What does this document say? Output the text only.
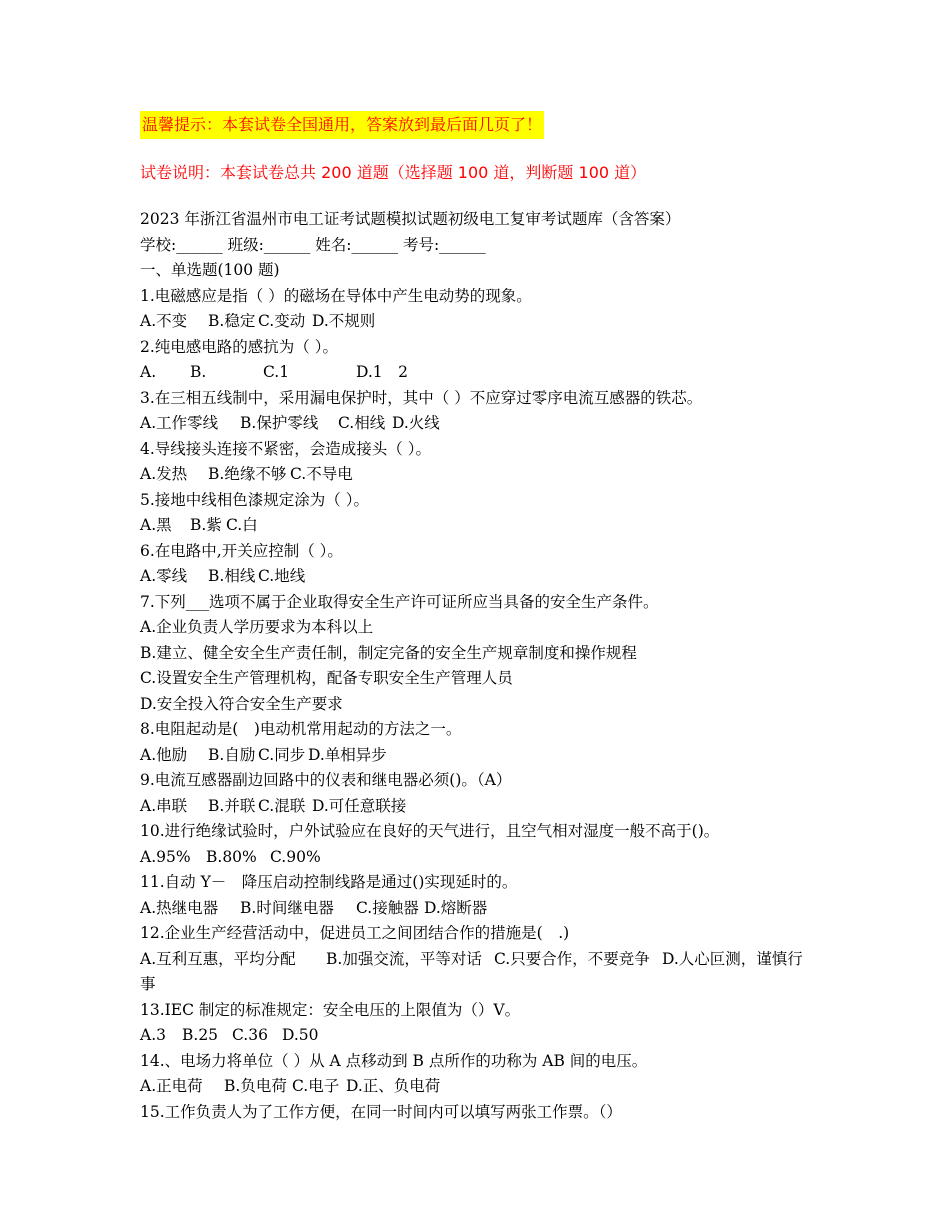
温馨提示：本套试卷全国通用，答案放到最后面几页了！
试卷说明：本套试卷总共 200 道题（选择题 100 道，判断题 100 道）
2023 年浙江省温州市电工证考试题模拟试题初级电工复审考试题库（含答案）
学校:______ 班级:______ 姓名:______ 考号:______
一、单选题(100 题)
1.电磁感应是指（ ）的磁场在导体中产生电动势的现象。
A.不变	B.稳定 C.变动 D.不规则
2.纯电感电路的感抗为（ ）。
A.	B.	C.1	D.1　2
3.在三相五线制中，采用漏电保护时，其中（ ）不应穿过零序电流互感器的铁芯。
A.工作零线	B.保护零线	C.相线 D.火线
4.导线接头连接不紧密，会造成接头（ ）。
A.发热	B.绝缘不够 C.不导电
5.接地中线相色漆规定涂为（ ）。
A.黑	B.紫 C.白
6.在电路中,开关应控制（ ）。
A.零线	B.相线 C.地线
7.下列___选项不属于企业取得安全生产许可证所应当具备的安全生产条件。
A.企业负责人学历要求为本科以上
B.建立、健全安全生产责任制，制定完备的安全生产规章制度和操作规程
C.设置安全生产管理机构，配备专职安全生产管理人员
D.安全投入符合安全生产要求
8.电阻起动是(　)电动机常用起动的方法之一。
A.他励	B.自励 C.同步 D.单相异步
9.电流互感器副边回路中的仪表和继电器必须()。（A）
A.串联	B.并联 C.混联 D.可任意联接
10.进行绝缘试验时，户外试验应在良好的天气进行，且空气相对湿度一般不高于()。
A.95% B.80% C.90%
11.自动 Y－　降压启动控制线路是通过()实现延时的。
A.热继电器	B.时间继电器	C.接触器 D.熔断器
12.企业生产经营活动中，促进员工之间团结合作的措施是(　.)
A.互利互惠，平均分配 B.加强交流，平等对话 C.只要合作，不要竞争 D.人心叵测，谨慎行事
13.IEC 制定的标准规定：安全电压的上限值为（）V。
A.3	B.25 C.36 D.50
14.、电场力将单位（ ）从 A 点移动到 B 点所作的功称为 AB 间的电压。
A.正电荷	B.负电荷 C.电子 D.正、负电荷
15.工作负责人为了工作方便，在同一时间内可以填写两张工作票。（）
